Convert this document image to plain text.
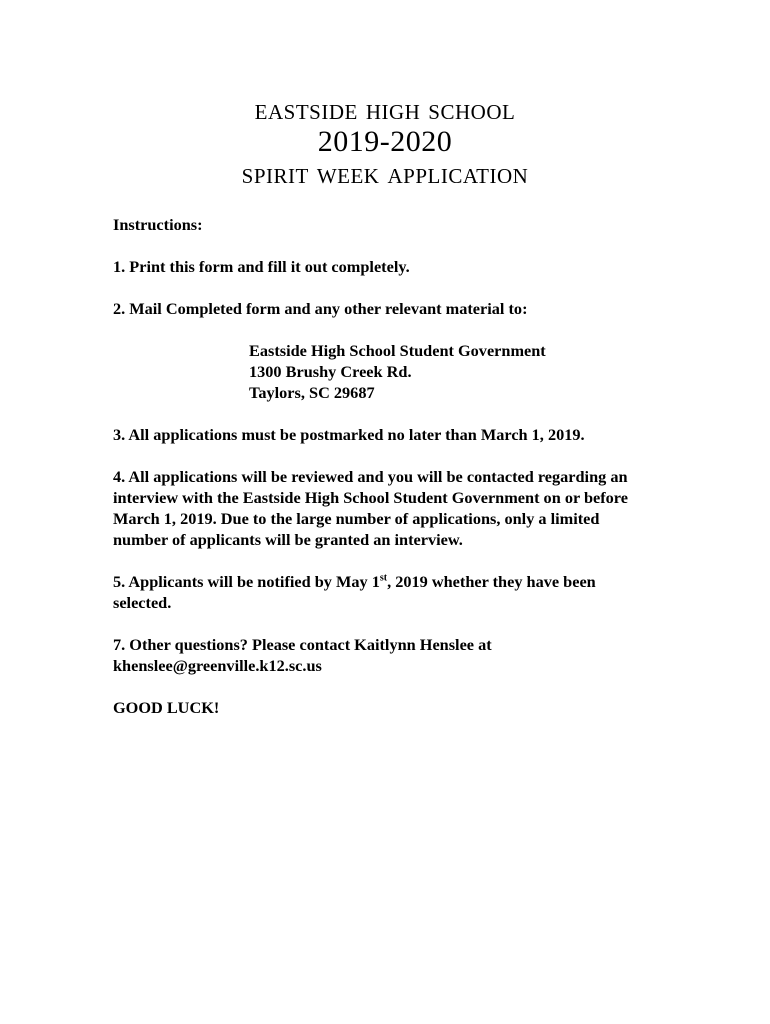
eastside high school
2019-2020
spirit week application

Instructions:

1. Print this form and fill it out completely.

2. Mail Completed form and any other relevant material to:

Eastside High School Student Government
1300 Brushy Creek Rd.
Taylors, SC 29687

3. All applications must be postmarked no later than March 1, 2019.

4. All applications will be reviewed and you will be contacted regarding an interview with the Eastside High School Student Government on or before March 1, 2019. Due to the large number of applications, only a limited number of applicants will be granted an interview.

5. Applicants will be notified by May 1st, 2019 whether they have been selected.

7. Other questions? Please contact Kaitlynn Henslee at
khenslee@greenville.k12.sc.us

GOOD LUCK!
